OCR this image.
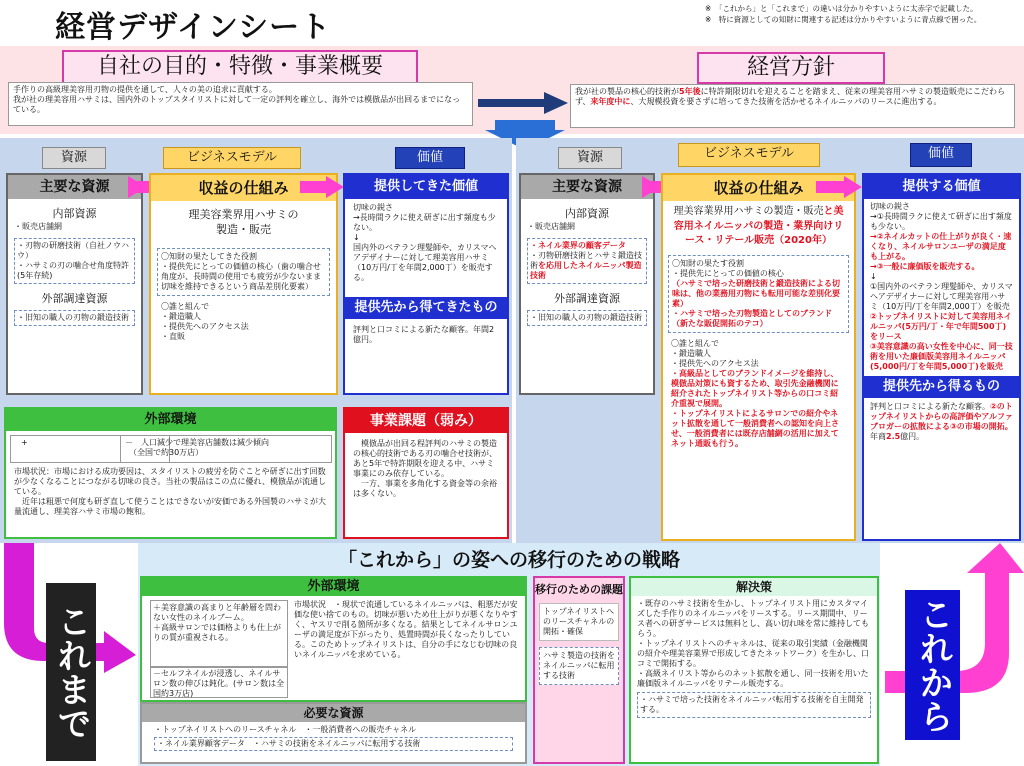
経営デザインシート
※　「これから」と「これまで」の違いは分かりやすいように太赤字で記載した。
※　特に資源としての知財に関連する記述は分かりやすいように青点線で囲った。
自社の目的・特徴・事業概要
手作りの高級理美容用刃物の提供を通して、人々の美の追求に貢献する。
我が社の理美容用ハサミは、国内外のトップスタイリストに対して一定の評判を確立し、海外では模倣品が出回るまでになっている。
経営方針
我が社の製品の核心的技術が5年後に特許期限切れを迎えることを踏まえ、従来の理美容用ハサミの製造販売にこだわらず、来年度中に、大規模投資を要さずに培ってきた技術を活かせるネイルニッパのリースに進出する。
資源	ビジネスモデル	価値
主要な資源
内部資源
・販売店舗網
・刃物の研磨技術（自社ノウハウ）
・ハサミの刃の噛合せ角度特許(5年存続)
外部調達資源
・旧知の職人の刃物の鍛造技術
収益の仕組み
理美容業界用ハサミの
製造・販売
〇知財の果たしてきた役割
・提供先にとっての価値の核心（歯の噛合せ角度が、長時間の使用でも疲労が少ないまま切味を維持できるという商品差別化要素）
〇誰と組んで
・鍛造職人
・提供先へのアクセス法
・直販
提供してきた価値
切味の鋭さ
→長時間ラクに使え研ぎに出す頻度も少ない。
↓
国内外のベテラン理髪師や、カリスマヘアデザイナーに対して理美容用ハサミ（10万円/丁を年間2,000丁）を販売する。
提供先から得てきたもの
評判と口コミによる新たな顧客。年間2億円。
外部環境
+	－　人口減少で理美容店舗数は減少傾向
　（全国で約30万店）
市場状況：市場における成功要因は、スタイリストの疲労を防ぐことや研ぎに出す回数が少なくなることにつながる切味の良さ。当社の製品はこの点に優れ、模倣品が流通している。
　近年は粗悪で何度も研ぎ直して使うことはできないが安価である外国製のハサミが大量流通し、理美容ハサミ市場の飽和。
事業課題（弱み）
　模倣品が出回る程評判のハサミの製造の核心的技術である刃の噛合せ技術が、あと5年で特許期限を迎える中、ハサミ事業にのみ依存している。
　一方、事業を多角化する資金等の余裕は多くない。
資源	ビジネスモデル	価値
主要な資源
内部資源
・販売店舗網
・ネイル業界の顧客データ
・刃物研磨技術とハサミ鍛造技術を応用したネイルニッパ製造技術
外部調達資源
・旧知の職人の刃物の鍛造技術
収益の仕組み
理美容業界用ハサミの製造・販売と美容用ネイルニッパの製造・業界向けリース・リテール販売（2020年）
〇知財の果たす役割
・提供先にとっての価値の核心
（ハサミで培った研磨技術と鍛造技術による切味は、他の業務用刃物にも転用可能な差別化要素）
・ハサミで培った刃物製造としてのブランド（新たな販促開拓のテコ）
〇誰と組んで
・鍛造職人
・提供先へのアクセス法
・高級品としてのブランドイメージを維持し、模倣品対策にも資するため、取引先金融機関に紹介されたトップネイリスト等からの口コミ紹介重視で展開。
・トップネイリストによるサロンでの紹介やネット拡散を通して一般消費者への認知を向上させ、一般消費者には既存店舗網の活用に加えてネット通販も行う。
提供する価値
切味の鋭さ
→①長時間ラクに使えて研ぎに出す頻度も少ない。
→②ネイルカットの仕上がりが良く・速くなり、ネイルサロンユーザの満足度も上がる。
→③一般に廉価版を販売する。
↓
①国内外のベテラン理髪師や、カリスマヘアデザイナーに対して理美容用ハサミ（10万円/丁を年間2,000丁）を販売
②トップネイリストに対して美容用ネイルニッパ(5万円/丁・年で年間500丁)をリース
③美容意識の高い女性を中心に、同一技術を用いた廉価版美容用ネイルニッパ(5,000円/丁を年間5,000丁)を販売
提供先から得るもの
評判と口コミによる新たな顧客。②のトップネイリストからの高評価やアルファブロガーの拡散による③の市場の開拓。
年商2.5億円。
「これから」の姿への移行のための戦略
これまで	これから
外部環境
＋美容意識の高まりと年齢層を問わない女性のネイルブーム。
＋高級サロンでは価格よりも仕上がりの質が重視される。
－セルフネイルが浸透し、ネイルサロン数の伸びは鈍化。(サロン数は全国約3万店)
市場状況　・現状で流通しているネイルニッパは、粗悪だが安価な使い捨てのもの。切味が悪いため仕上がりが悪くなりやすく、ヤスリで削る箇所が多くなる。結果としてネイルサロンユーザの満足度が下がったり、処置時間が長くなったりしている。このためトップネイリストは、自分の手になじむ切味の良いネイルニッパを求めている。
必要な資源
・トップネイリストへのリースチャネル　・一般消費者への販売チャネル
・ネイル業界顧客データ　・ハサミの技術をネイルニッパに転用する技術
移行のための課題
トップネイリストへのリースチャネルの開拓・確保
ハサミ製造の技術をネイルニッパに転用する技術
解決策
・既存のハサミ技術を生かし、トップネイリスト用にカスタマイズした手作りのネイルニッパをリースする。リース期間中、リース者への研ぎサービスは無料とし、高い切れ味を常に維持してもらう。
・トップネイリストへのチャネルは、従来の取引実績（金融機関の紹介や理美容業界で形成してきたネットワーク）を生かし、口コミで開拓する。
・高級ネイリスト等からのネット拡散を通し、同一技術を用いた廉価版ネイルニッパをリテール販売する。
・ハサミで培った技術をネイルニッパ転用する技術を自主開発する。
